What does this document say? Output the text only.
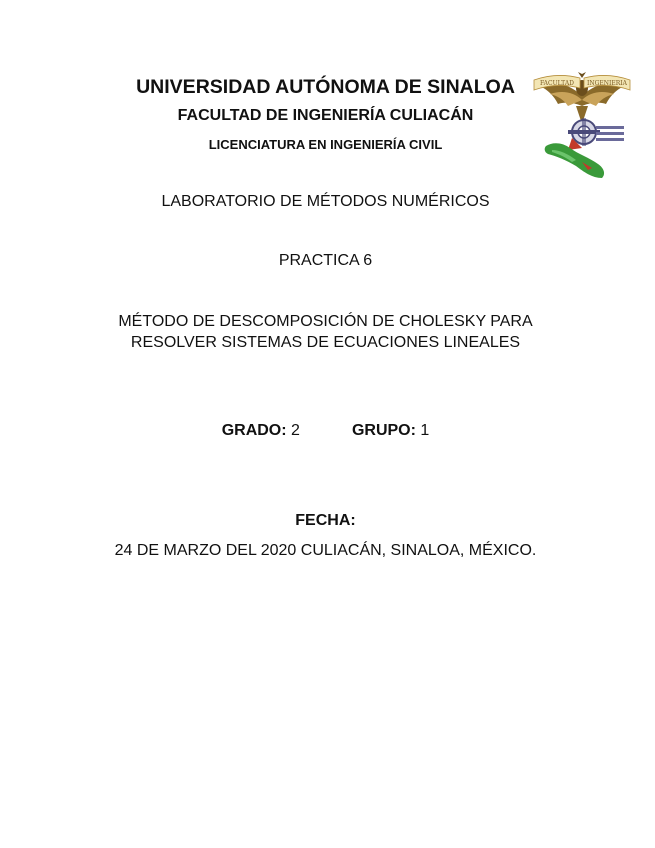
UNIVERSIDAD AUTÓNOMA DE SINALOA

FACULTAD DE INGENIERÍA CULIACÁN

LICENCIATURA EN INGENIERÍA CIVIL

FACULTAD INGENIERIA

LABORATORIO DE MÉTODOS NUMÉRICOS

PRACTICA 6

MÉTODO DE DESCOMPOSICIÓN DE CHOLESKY PARA

RESOLVER SISTEMAS DE ECUACIONES LINEALES

GRADO: 2	GRUPO: 1

FECHA:

24 DE MARZO DEL 2020 CULIACÁN, SINALOA, MÉXICO.
